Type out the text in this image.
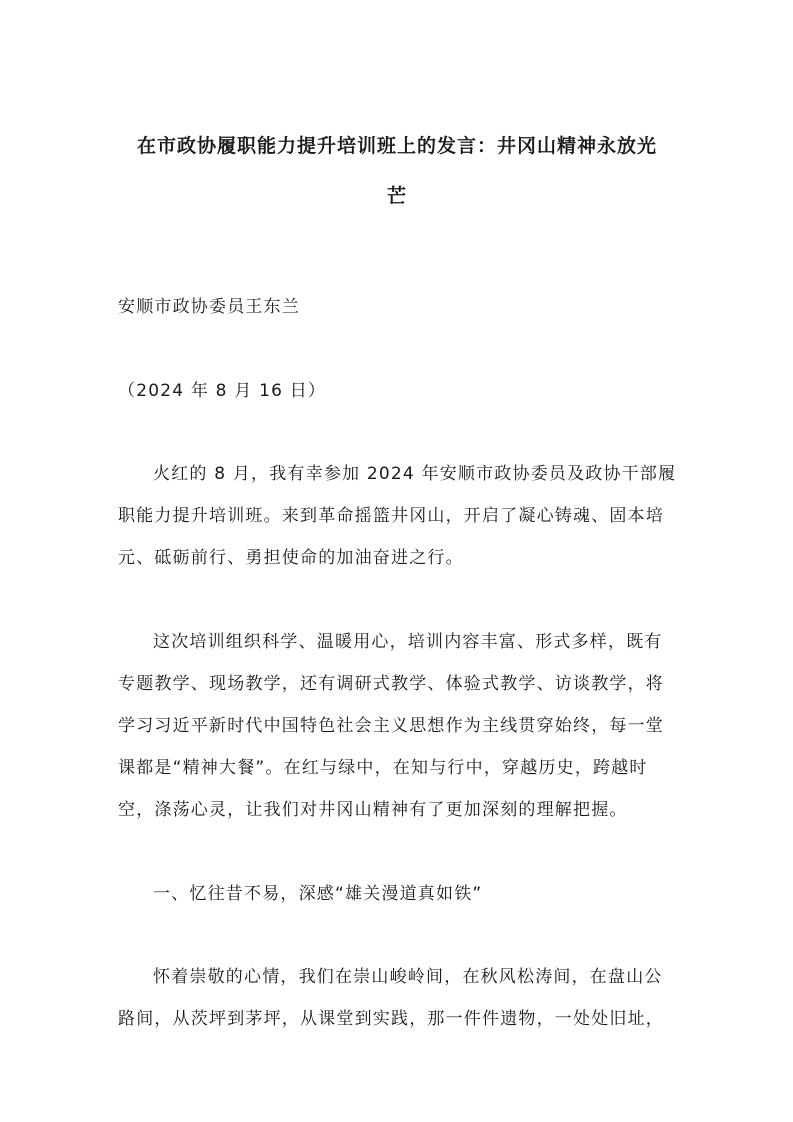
在市政协履职能力提升培训班上的发言：井冈山精神永放光
芒

安顺市政协委员王东兰

（2024 年 8 月 16 日）

火红的 8 月，我有幸参加 2024 年安顺市政协委员及政协干部履

职能力提升培训班。来到革命摇篮井冈山，开启了凝心铸魂、固本培

元、砥砺前行、勇担使命的加油奋进之行。

这次培训组织科学、温暖用心，培训内容丰富、形式多样，既有

专题教学、现场教学，还有调研式教学、体验式教学、访谈教学，将

学习习近平新时代中国特色社会主义思想作为主线贯穿始终，每一堂

课都是“精神大餐”。在红与绿中，在知与行中，穿越历史，跨越时

空，涤荡心灵，让我们对井冈山精神有了更加深刻的理解把握。

一、忆往昔不易，深感“雄关漫道真如铁”

怀着崇敬的心情，我们在崇山峻岭间，在秋风松涛间，在盘山公

路间，从茨坪到茅坪，从课堂到实践，那一件件遗物，一处处旧址，
